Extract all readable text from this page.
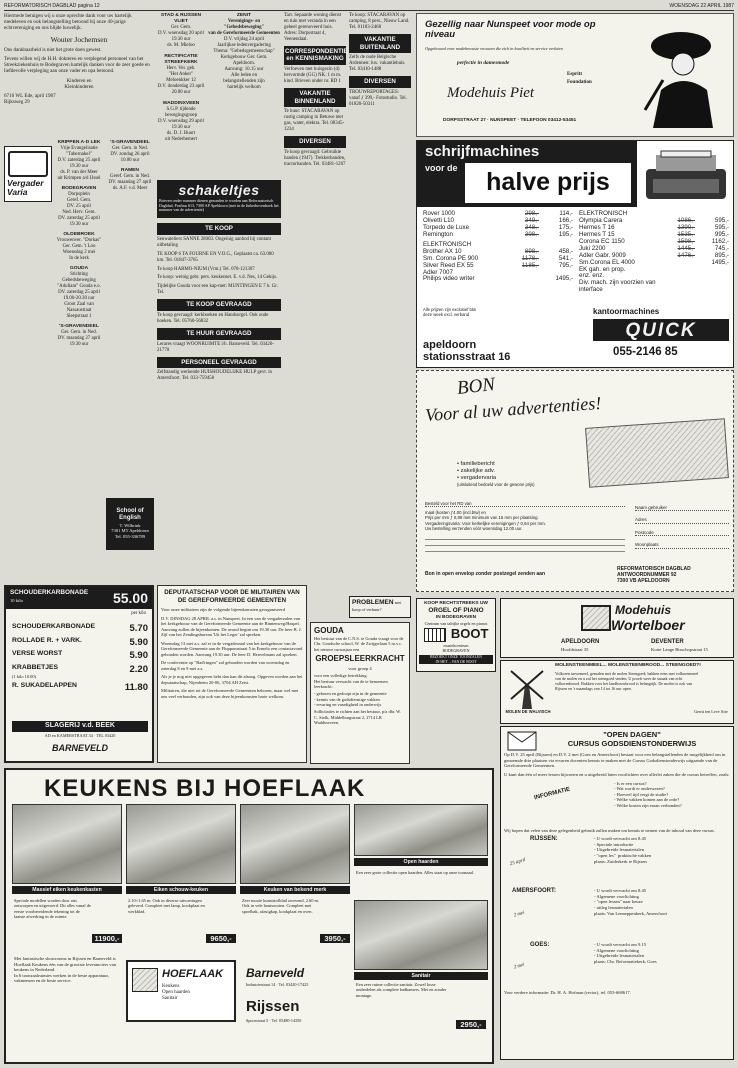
REFORMATORISCH DAGBLAD pagina 12	WOENSDAG 22 APRIL 1987

Hiermede betuigen wij u onze oprechte dank voor uw hartelijk medeleven en ook belangstelling betoond bij onze 40-jarige echtvereniging en ons blijde huwelijk.

Wouter Jochemsen

Ons dankbaarheid is niet het grote doen gewest.

Tevens willen wij de H.H. dokteren en verplegend personeel van het Streekziekenhuis te Bodegraven hartelijk danken voor de zeer goede en liefdevolle verpleging aan onze vader en opa betoond.

Kinderen en

Kleinkinderen

6716 WL Ede, april 1987

Rijksweg 29

Vergader Varia

KRIPPEN A-D LEK

Vrije Evangelisatie "Tabernakel"

D.V. zaterdag 25 april 19.30 uur
ds. P. van der Meer
uit Krimpen a/d IJssel

BODEGRAVEN

Dorpsplein
Geref. Gem.
DV. 25 april
Ned. Herv. Gem.
DV. zaterdag 25 april
19.30 uur

OLDEBROEK

Vrouwenver. "Dorkas"
Ger. Gem. 't Loo
Woensdag 2 mei
In de kerk

GOUDA

Stichting
Gebedsbeweging
"Adullam" Gouda e.o.
DV. zaterdag 25 april
19.00-20.30 uur
Groot Zaal van
Nassaustraat
Sleepstraat 1

'S-GRAVENDEEL

Ger. Gem. in Ned.
DV. maandag 27 april
19.30 uur

'S-GRAVENDEEL

Ger. Gem. in Ned.
DV. zondag 26 april
10.00 uur

RAMEN

Geref. Gem. in Ned.
DV. maandag 27 april
ds. A.F. v.d. Meer

School of English

T. Wilbrink

7301 MT Apeldoorn

Tel. 055-336789

STAD & RIJSSEN VLIET

Ger. Gem.

D.V. woensdag 20 april
19.30 uur
ds. M. Mieloo

RECTIFICATIE

STREEFKERK

Herv. Ver. geh.
"Het Anker"
Meloenkker 12
D.V. donderdag 23 april
20.00 uur

WADDINXVEEN

S.G.P. tijdende bewegingsgroep

D.V. woensdag 29 april
19.30 uur
ds. D. J. Buurt
uit Nederhemert

ZENIT

Verenigings- en
"Gebedsbeweging"
van de Gereformeerde Gemeenten

D.V. vrijdag 24 april
Jaarlijkse ledenvergadering
Thema: "Gebedsgemeenschap"
Kerkgebouw Ger. Gem.
Apeldoorn.
Aanvang: 10.15 uur
Alle leden en
belangstellenden zijn
hartelijk welkom

schakeltjes
Brieven onder nummer dienen gezonden te worden aan Reformatorisch Dagblad, Postbus 613, 7300 AP Apeldoorn (met in de linkerbovenhoek het nummer van de advertentie)
TE KOOP

Senwateliers SANNE 28003. Ongeïnig aanbod bij contant uitbetaling

TE KOOP 6 TA FOURNE EN V.O.G., Geplaatst ca. 63.000 km. Tel. 01847-3765

Te koop HARMO-NIUM (Vmt.) Tel. 078-121307

Te koop: weinig gebr. pers. keukenset. E. v.d. Nes, 14 Gekijs.

Tijdelijke Gouda voor een kap-met: MUNTINGEN E 7 b. Gr. Tel.

TE KOOP GEVRAAGD

Te koop gevraagd: kerkboeken en Handsorgel. Ook oude boeken. Tel. 05760-56832

TE HUUR GEVRAAGD

Lerares vraagt WOONRUIMTE i/h. Barneveld. Tel. 03420-21770

PERSONEEL GEVRAAGD

Zelfstandig werkende HUISHOUDELIJKE HULP gevr. in Amersfoort. Tel. 033-759450

Tarr. Sepaarde woning dienst en tuin met veranda in een geheel gerenoveerd huis. Adres: Dorpsstraat 4, Veenendaal.

CORRESPONDENTIE en KENNISMAKING

Verfoeven met huisgezin (d) hervormde (GG) NK. 1 m m. kind. Brieven onder nr. RD 1

VAKANTIE BINNENLAND

Te huur: STACARAVAN op rustig camping in Betuwe met gas, water, elektra. Tel. 08345-1234

DIVERSEN

Te koop gevraagd: Gebruikte banden (1947). Trekkerbanden, tractorbanden. Tel. 03481-1267

Te koop: STACARAVAN op camping, 8 pers., Nieuw Land. Tel. 01183-2468

VAKANTIE BUITENLAND

Zelfs de oude Belgische Ardennen: lux. vakantiehuis. Tel. 03410-1488

DIVERSEN

TROUWREPORTAGES: vanaf ƒ 399,- Fotostudio. Tel. 01820-50311

PROBLEMEN met koop of verhuur?
Gezellig naar Nunspeet voor mode op niveau
Opgebouwd voor modebewuste vrouwen die zich in kwaliteit en service verlaten
perfectie in damesmode
Espritt
Foundation
Modehuis Piet
DORPSSTRAAT 27 · NUNSPEET · TELEFOON 03412-53451
schrijfmachines
voor de	halve prijs
Rover 1000	298,-	114,-
Olivetti L10	349,-	166,-
Torpedo de Luxe	348,-	175,-
Remington	398,-	195,-
ELEKTRONISCH
Brother AX 10	898,-	458,-
Sm. Corona PE 900	1178,-	541,-
Silver Reed EX 55	1185,-	795,-
Adler 7007
Philips video writer	1495,-
ELEKTRONISCH
Olympia Carera	1086,-	595,-
Hermes T 16	1390,-	595,-
Hermes T 15	1535,-	995,-
Corona EC 1150	1598,-	1162,-
Juki 2200	1445,-	745,-
Adler Gabr. 9009	1476,-	895,-
Sm.Corona EL 4000	1495,-
EK gah. en prop.
enz. enz.
Div. mach. zijn voorzien van interface
Alle prijzen zijn exclusief btw
deze week excl. verband	kantoormachines
QUICK
apeldoorn
stationsstraat 16	055-2146 85
BON
Voor al uw advertenties!

• familiebericht

• zakelijke adv.

• vergadervaria

(uitsluitend bedoeld voor de gewone prijs)

Besteld voor het RD van

maal (kosten ƒ4.00 (incl.btw) en

Prijs per mm ƒ 0,89 met minimum van 15 mm per plaatsing.

Vergaderingsvaria: Voor kerkelijke verenigingen ƒ 0,64 per mm.

Uw bestelling verzenden vóór woensdag 12.00 uur.

Naam gebruiker

Adres

Postcode

Woonplaats

Bon in open envelop zonder postzegel zenden aan
REFORMATORISCH DAGBLAD
ANTWOORDNUMMER 92
7300 VB APELDOORN
SCHOUDERKARBONADE
10 kilo	55.00
per kilo
SCHOUDERKARBONADE	5.70
ROLLADE R. + VARK.	5.90
VERSE WORST	5.90
KRABBETJES	2.20
(1 kilo 10.00)
R. SUKADELAPPEN	11.80
SLAGERIJ v.d. BEEK
AD en KAMERSTRAAT 34 · TEL 03420
BARNEVELD
DEPUTAATSCHAP VOOR DE MILITAIREN VAN DE GEREFORMEERDE GEMEENTEN

Voor onze militairen zijn de volgende bijeenkomsten georganiseerd

D.V. DINSDAG 28 APRIL a.s. in Nunspeet. In een van de vergaderzalen van het kerkgebouw van de Gereformeerde Gemeente aan de Binnenweg/Haspel. Aanvang zullen de bijeenkomen. De avond begint om 19.30 uur. De heer B. J. Zijl van het Zendingsbureau 'Uit het Leger' zal spreken.

Woensdag 13 mei a.s. zal er in de vergaderzaal van het kerkgebouw van de Gereformeerde Gemeente aan de Fluppomstraat 5 in Ermelo een contactavond gehouden worden. Aanvang 19.30 uur. De heer D. Heuvelmans zal spreken.

De conferentie op "Bad'ringen" zal gehouden worden van woensdag en zaterdag 8 en 9 mei a.s.

Als je je nog niet opgegeven hebt dan kan dit alsnog. Opgeven worden aan het deputaatschap, Nijenheim 20-06, 3704 AH Zeist.

Militairen, die niet tot de Gereformeerde Gemeenten behoren, maar wel met ons veel verbonden, zijn ook van deze bijeenkomsten harte welkom.

GOUDA

Het bestuur van de C.N.S. te Gouda vraagt voor de Chr. Goudsche school, W. de Zwijgerlaan 5 m.v.c. het nieuwe cursusjaar een

GROEPSLEERKRACHT
voor groep 4

voor een volledige betrekking.

Het bestuur verwacht van de te benoemen leerkracht:

- geboren en gedoopt zijn in de gemeente
- kennis van de godsdienstige vakken
- ervaring en vaardigheid in onderwijs

Sollicitaties te richten aan het bestuur, p/a dhr. W. C. Stolk, Middelburgstraat 2, 2714 LB Waddinxveen.

KOOP RECHTSTREEKS UW

ORGEL OF PIANO

IN BODEGRAVEN

Centrum van talrijke orgels en pianos

BOOT

muziekcentrum
BODEGRAVEN

BEZOEKT ONZE TOONZALEN
IN HET ...VAN DE BOOT

Modehuis
Wortelboer
APELDOORN
Hoofdstraat 35
DEVENTER
Korte Lange Bisschopstraat 15
MOLEN DE WALVISCH
MOLENSTEENMEEL... MOLENSTEENBROOD... STEENGOED?!
Volkoren tarwemeel, gemalen met de molen Steengoed; bakken eens met volkorenmeel van de molen en u zal het steengoed vinden. U proeft weer de smaak van echt volkorenbrood. Bakken voor het landbouwbrood is belangrijk. De molen is ook van Rijssen en 's maandags van 14 tot 16 uur open.
Gerrit ten Leve Arie
"OPEN DAGEN"
CURSUS GODSDIENSTONDERWIJS

Op D.V. 25 april (Rijssen) en D.V. 2 mei (Goes en Amersfoort) bestaat voor een belangstellenden de mogelijkheid om in genoemde drie plaatsen via ervaren docenten kennis te maken met de Cursus Godsdienstonderwijs uitgaande van de Gereformeerde Gemeenten.

U kunt dan één of meer lessen bijwonen en u uitgebreid laten voorlichten over allerlei zaken die de cursus betreffen, zoals:

INFORMATIE

- Is er een cursus?
- Wat wordt er onderwezen?
- Hoeveel tijd vergt de studie?
- Welke vakken komen aan de orde?
- Welke kosten zijn eraan verbonden?

Wij hopen dat velen van deze gelegenheid gebruik zullen maken om kennis te nemen van de inhoud van deze cursus.

RIJSSEN:
25 april

- U wordt verwacht om 8.45
- Speciale introductie
- Uitgebreide lesmaterialen
- "open les"  praktische vakken
plaats: Zuiderkerk te Rijssen

AMERSFOORT:
2 mei

- U wordt verwacht om 8.45
- Algemene voorlichting
- "open lessen" naar keuze
- uitleg lesmaterialen
plaats: Van Lenneppenkerk, Amersfoort

GOES:
2 mei

- U wordt verwacht om 9.15
- Algemene voorlichting
- Uitgebreide lesmaterialen
plaats: Chr. Reformatiekerk, Goes

Voor verdere informatie: Dr. H. A. Hofman (rector), tel. 055-668617.

KEUKENS BIJ HOEFLAAK
Massief eiken keukenkasten	Eiken schouw-keuken	Keuken van bekend merk
Open haarden

Speciale modellen worden door ons ontworpen en uitgevoerd. Dit alles vanaf de eerste voorbereidende tekening tot de laatste afwerking in de ruimte.

11900,-

2.10×1.65 m. Ook in diverse uitvoeringen geleverd. Compleet met lamp, kookplaat en werkblad.

9650,-

Zeer mooie kunststofblad zwevend, 2.60 m. Ook in vele houtsoorten. Compleet met spoelbak, afzuigkap, kookplaat en oven.

3950,-

Een zeer grote collectie open haarden. Alles staat op onze toonzaal.

Sanitair

Een zeer ruime collectie sanitair. Zowel losse onderdelen als complete badkamers. Met en zonder montage.

2950,-

Met fantastische showrooms in Rijssen en Barneveld is Hoeflaak Keukens één van de grootste leveranciers van keukens in Nederland.
In 6 toonzaalruimtes werken in de beste apparatuur, vakmensen en de beste service.

HOEFLAAK
Keukens
Open haarden
Sanitair
Barneveld

Industriestraat 14 · Tel. 03420-17425

Rijssen

Spoorstraat 5 · Tel. 05480-14350
